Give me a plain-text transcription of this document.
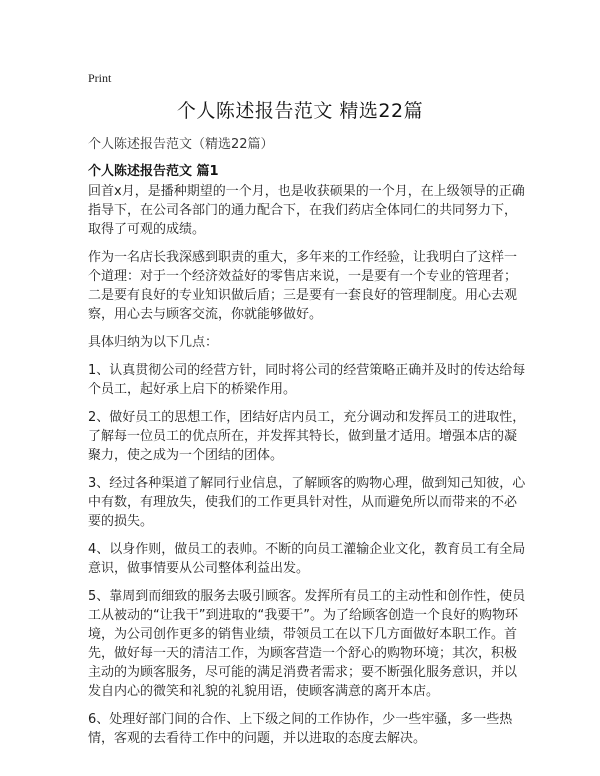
Print
个人陈述报告范文 精选22篇
个人陈述报告范文（精选22篇）
个人陈述报告范文 篇1

回首x月，是播种期望的一个月，也是收获硕果的一个月，在上级领导的正确指导下，在公司各部门的通力配合下，在我们药店全体同仁的共同努力下，取得了可观的成绩。

作为一名店长我深感到职责的重大，多年来的工作经验，让我明白了这样一个道理：对于一个经济效益好的零售店来说，一是要有一个专业的管理者；二是要有良好的专业知识做后盾；三是要有一套良好的管理制度。用心去观察，用心去与顾客交流，你就能够做好。

具体归纳为以下几点：

1、认真贯彻公司的经营方针，同时将公司的经营策略正确并及时的传达给每个员工，起好承上启下的桥梁作用。

2、做好员工的思想工作，团结好店内员工，充分调动和发挥员工的进取性，了解每一位员工的优点所在，并发挥其特长，做到量才适用。增强本店的凝聚力，使之成为一个团结的团体。

3、经过各种渠道了解同行业信息，了解顾客的购物心理，做到知己知彼，心中有数，有理放失，使我们的工作更具针对性，从而避免所以而带来的不必要的损失。

4、以身作则，做员工的表帅。不断的向员工灌输企业文化，教育员工有全局意识，做事情要从公司整体利益出发。

5、靠周到而细致的服务去吸引顾客。发挥所有员工的主动性和创作性，使员工从被动的“让我干”到进取的“我要干”。为了给顾客创造一个良好的购物环境，为公司创作更多的销售业绩，带领员工在以下几方面做好本职工作。首先，做好每一天的清洁工作，为顾客营造一个舒心的购物环境；其次，积极主动的为顾客服务，尽可能的满足消费者需求；要不断强化服务意识，并以发自内心的微笑和礼貌的礼貌用语，使顾客满意的离开本店。

6、处理好部门间的合作、上下级之间的工作协作，少一些牢骚，多一些热情，客观的去看待工作中的问题，并以进取的态度去解决。
